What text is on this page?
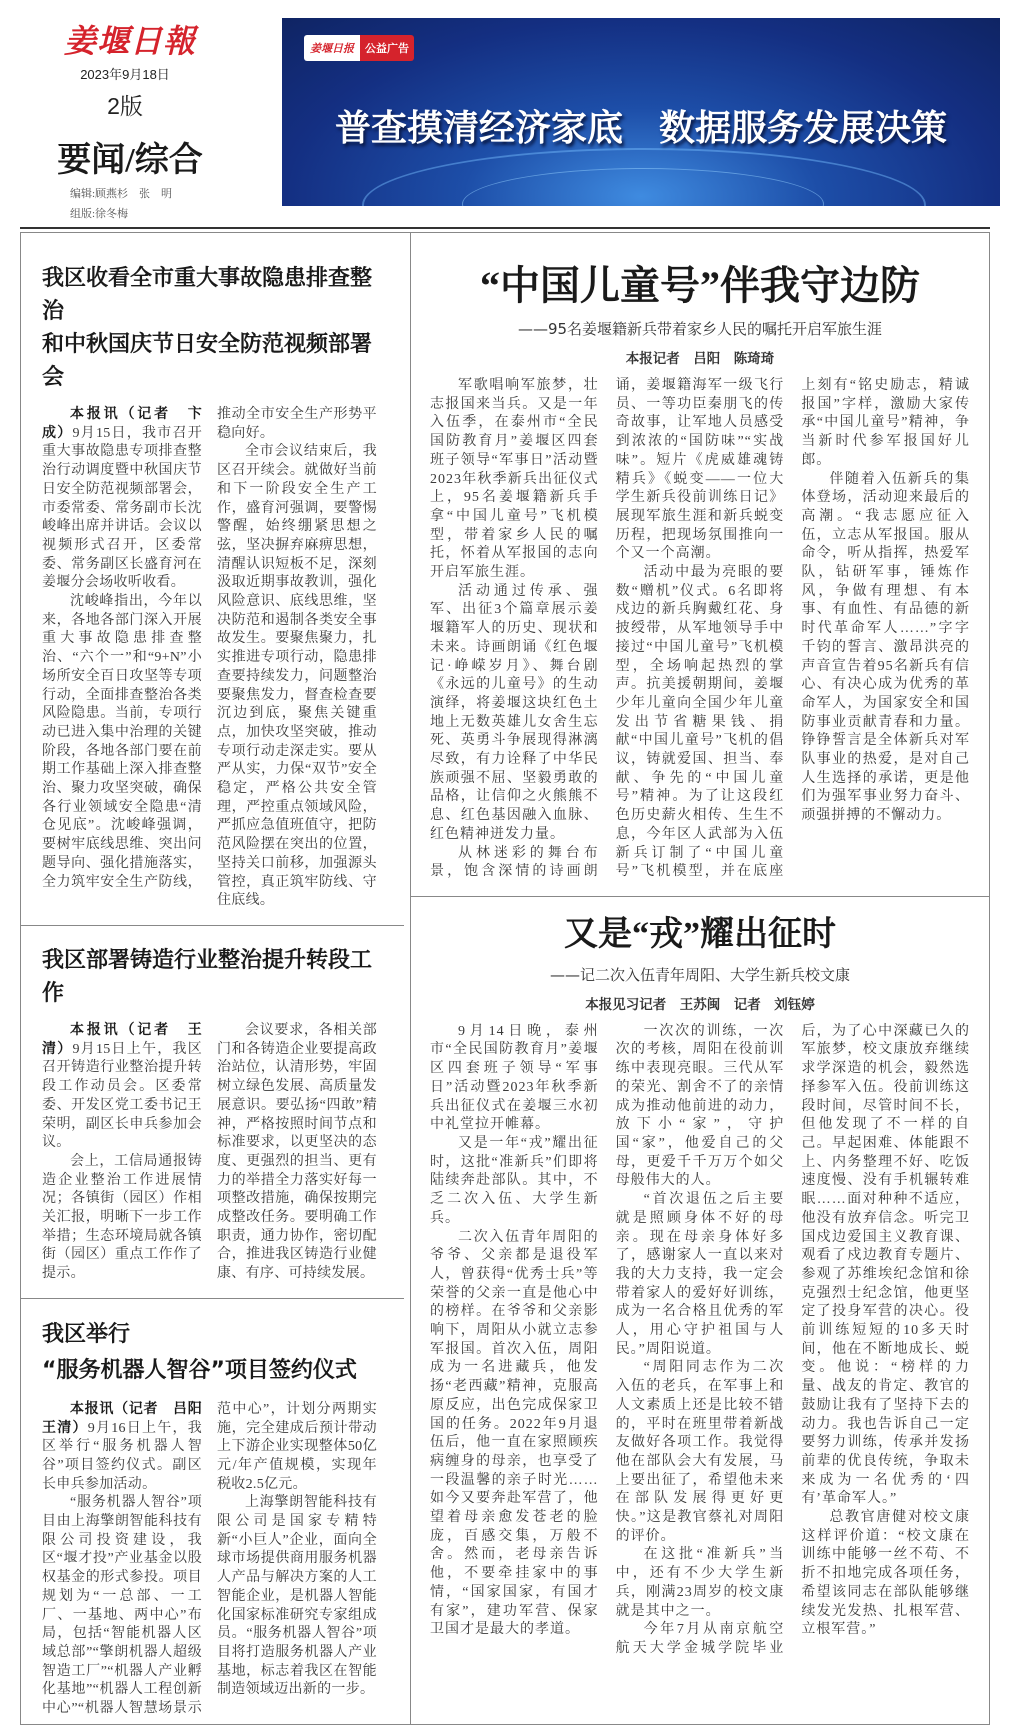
姜堰日報
2023年9月18日
2版
要闻/综合
编辑:顾燕杉　张　明
组版:徐冬梅
姜堰日报	公益广告
普查摸清经济家底　数据服务发展决策
我区收看全市重大事故隐患排查整治
和中秋国庆节日安全防范视频部署会

本报讯（记者　卞成）9月15日，我市召开重大事故隐患专项排查整治行动调度暨中秋国庆节日安全防范视频部署会，市委常委、常务副市长沈峻峰出席并讲话。会议以视频形式召开，区委常委、常务副区长盛育河在姜堰分会场收听收看。

沈峻峰指出，今年以来，各地各部门深入开展重大事故隐患排查整治、“六个一”和“9+N”小场所安全百日攻坚等专项行动，全面排查整治各类风险隐患。当前，专项行动已进入集中治理的关键阶段，各地各部门要在前期工作基础上深入排查整治、聚力攻坚突破，确保各行业领域安全隐患“清仓见底”。沈峻峰强调，要树牢底线思维、突出问题导向、强化措施落实，全力筑牢安全生产防线，推动全市安全生产形势平稳向好。

全市会议结束后，我区召开续会。就做好当前和下一阶段安全生产工作，盛育河强调，要警惕警醒，始终绷紧思想之弦，坚决摒弃麻痹思想，清醒认识短板不足，深刻汲取近期事故教训，强化风险意识、底线思维，坚决防范和遏制各类安全事故发生。要聚焦聚力，扎实推进专项行动，隐患排查要持续发力，问题整治要聚焦发力，督查检查要沉边到底，聚焦关键重点，加快攻坚突破，推动专项行动走深走实。要从严从实，力保“双节”安全稳定，严格公共安全管理，严控重点领域风险，严抓应急值班值守，把防范风险摆在突出的位置，坚持关口前移，加强源头管控，真正筑牢防线、守住底线。

我区部署铸造行业整治提升转段工作

本报讯（记者　王清）9月15日上午，我区召开铸造行业整治提升转段工作动员会。区委常委、开发区党工委书记王荣明，副区长申兵参加会议。

会上，工信局通报铸造企业整治工作进展情况；各镇街（园区）作相关汇报，明晰下一步工作举措；生态环境局就各镇街（园区）重点工作作了提示。

会议要求，各相关部门和各铸造企业要提高政治站位，认清形势，牢固树立绿色发展、高质量发展意识。要弘扬“四敢”精神，严格按照时间节点和标准要求，以更坚决的态度、更强烈的担当、更有力的举措全力落实好每一项整改措施，确保按期完成整改任务。要明确工作职责，通力协作，密切配合，推进我区铸造行业健康、有序、可持续发展。

我区举行
“服务机器人智谷”项目签约仪式

本报讯（记者　吕阳　王清）9月16日上午，我区举行“服务机器人智谷”项目签约仪式。副区长申兵参加活动。

“服务机器人智谷”项目由上海擎朗智能科技有限公司投资建设，我区“堰才投”产业基金以股权基金的形式参投。项目规划为“一总部、一工厂、一基地、两中心”布局，包括“智能机器人区域总部”“擎朗机器人超级智造工厂”“机器人产业孵化基地”“机器人工程创新中心”“机器人智慧场景示范中心”，计划分两期实施，完全建成后预计带动上下游企业实现整体50亿元/年产值规模，实现年税收2.5亿元。

上海擎朗智能科技有限公司是国家专精特新“小巨人”企业，面向全球市场提供商用服务机器人产品与解决方案的人工智能企业，是机器人智能化国家标准研究专家组成员。“服务机器人智谷”项目将打造服务机器人产业基地，标志着我区在智能制造领域迈出新的一步。

“中国儿童号”伴我守边防
——95名姜堰籍新兵带着家乡人民的嘱托开启军旅生涯
本报记者　吕阳　陈琦琦

军歌唱响军旅梦，壮志报国来当兵。又是一年入伍季，在泰州市“全民国防教育月”姜堰区四套班子领导“军事日”活动暨2023年秋季新兵出征仪式上，95名姜堰籍新兵手拿“中国儿童号”飞机模型，带着家乡人民的嘱托，怀着从军报国的志向开启军旅生涯。

活动通过传承、强军、出征3个篇章展示姜堰籍军人的历史、现状和未来。诗画朗诵《红色堰记·峥嵘岁月》、舞台剧《永远的儿童号》的生动演绎，将姜堰这块红色土地上无数英雄儿女舍生忘死、英勇斗争展现得淋漓尽致，有力诠释了中华民族顽强不屈、坚毅勇敢的品格，让信仰之火熊熊不息、红色基因融入血脉、红色精神迸发力量。

从林迷彩的舞台布景，饱含深情的诗画朗诵，姜堰籍海军一级飞行员、一等功臣秦朋飞的传奇故事，让军地人员感受到浓浓的“国防味”“实战味”。短片《虎威雄魂铸精兵》《蜕变——一位大学生新兵役前训练日记》展现军旅生涯和新兵蜕变历程，把现场氛围推向一个又一个高潮。

活动中最为亮眼的要数“赠机”仪式。6名即将戍边的新兵胸戴红花、身披绶带，从军地领导手中接过“中国儿童号”飞机模型，全场响起热烈的掌声。抗美援朝期间，姜堰少年儿童向全国少年儿童发出节省糖果钱、捐献“中国儿童号”飞机的倡议，铸就爱国、担当、奉献、争先的“中国儿童号”精神。为了让这段红色历史薪火相传、生生不息，今年区人武部为入伍新兵订制了“中国儿童号”飞机模型，并在底座上刻有“铭史励志，精诚报国”字样，激励大家传承“中国儿童号”精神，争当新时代参军报国好儿郎。

伴随着入伍新兵的集体登场，活动迎来最后的高潮。“我志愿应征入伍，立志从军报国。服从命令，听从指挥，热爱军队，钻研军事，锤炼作风，争做有理想、有本事、有血性、有品德的新时代革命军人……”字字千钧的誓言、激昂洪亮的声音宣告着95名新兵有信心、有决心成为优秀的革命军人，为国家安全和国防事业贡献青春和力量。铮铮誓言是全体新兵对军队事业的热爱，是对自己人生选择的承诺，更是他们为强军事业努力奋斗、顽强拼搏的不懈动力。

又是“戎”耀出征时
——记二次入伍青年周阳、大学生新兵校文康
本报见习记者　王苏闽　记者　刘钰婷

9月14日晚，泰州市“全民国防教育月”姜堰区四套班子领导“军事日”活动暨2023年秋季新兵出征仪式在姜堰三水初中礼堂拉开帷幕。

又是一年“戎”耀出征时，这批“准新兵”们即将陆续奔赴部队。其中，不乏二次入伍、大学生新兵。

二次入伍青年周阳的爷爷、父亲都是退役军人，曾获得“优秀士兵”等荣誉的父亲一直是他心中的榜样。在爷爷和父亲影响下，周阳从小就立志参军报国。首次入伍，周阳成为一名进藏兵，他发扬“老西藏”精神，克服高原反应，出色完成保家卫国的任务。2022年9月退伍后，他一直在家照顾疾病缠身的母亲，也享受了一段温馨的亲子时光……如今又要奔赴军营了，他望着母亲愈发苍老的脸庞，百感交集，万般不舍。然而，老母亲告诉他，不要牵挂家中的事情，“国家国家，有国才有家”，建功军营、保家卫国才是最大的孝道。

一次次的训练，一次次的考核，周阳在役前训练中表现亮眼。三代从军的荣光、割舍不了的亲情成为推动他前进的动力，放下小“家”，守护国“家”，他爱自己的父母，更爱千千万万个如父母般伟大的人。

“首次退伍之后主要就是照顾身体不好的母亲。现在母亲身体好多了，感谢家人一直以来对我的大力支持，我一定会带着家人的爱好好训练，成为一名合格且优秀的军人，用心守护祖国与人民。”周阳说道。

“周阳同志作为二次入伍的老兵，在军事上和人文素质上还是比较不错的，平时在班里带着新战友做好各项工作。我觉得他在部队会大有发展，马上要出征了，希望他未来在部队发展得更好更快。”这是教官蔡礼对周阳的评价。

在这批“准新兵”当中，还有不少大学生新兵，刚满23周岁的校文康就是其中之一。

今年7月从南京航空航天大学金城学院毕业后，为了心中深藏已久的军旅梦，校文康放弃继续求学深造的机会，毅然选择参军入伍。役前训练这段时间，尽管时间不长，但他发现了不一样的自己。早起困难、体能跟不上、内务整理不好、吃饭速度慢、没有手机辗转难眠……面对种种不适应，他没有放弃信念。听完卫国戍边爱国主义教育课、观看了戍边教育专题片、参观了苏维埃纪念馆和徐克强烈士纪念馆，他更坚定了投身军营的决心。役前训练短短的10多天时间，他在不断地成长、蜕变。他说：“榜样的力量、战友的肯定、教官的鼓励让我有了坚持下去的动力。我也告诉自己一定要努力训练，传承并发扬前辈的优良传统，争取未来成为一名优秀的‘四有’革命军人。”

总教官唐健对校文康这样评价道：“校文康在训练中能够一丝不苟、不折不扣地完成各项任务，希望该同志在部队能够继续发光发热、扎根军营、立根军营。”
